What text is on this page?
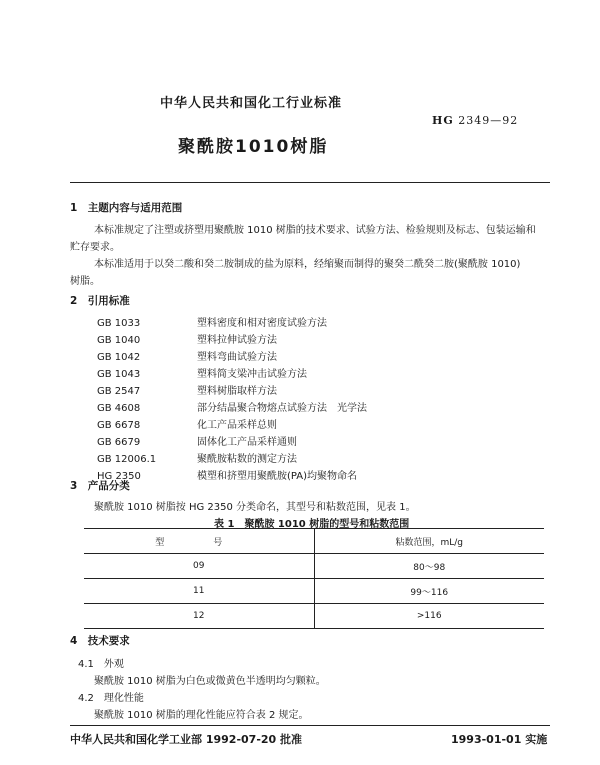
中华人民共和国化工行业标准
HG 2349—92
聚酰胺1010树脂
1　主题内容与适用范围
本标准规定了注塑或挤塑用聚酰胺 1010 树脂的技术要求、试验方法、检验规则及标志、包装运输和
贮存要求。
本标准适用于以癸二酸和癸二胺制成的盐为原料，经缩聚而制得的聚癸二酰癸二胺(聚酰胺 1010)
树脂。
2　引用标准
GB 1033	塑料密度和相对密度试验方法
GB 1040	塑料拉伸试验方法
GB 1042	塑料弯曲试验方法
GB 1043	塑料简支梁冲击试验方法
GB 2547	塑料树脂取样方法
GB 4608	部分结晶聚合物熔点试验方法　光学法
GB 6678	化工产品采样总则
GB 6679	固体化工产品采样通则
GB 12006.1	聚酰胺粘数的测定方法
HG 2350	模塑和挤塑用聚酰胺(PA)均聚物命名
3　产品分类
聚酰胺 1010 树脂按 HG 2350 分类命名，其型号和粘数范围，见表 1。
表 1　聚酰胺 1010 树脂的型号和粘数范围
型　号	粘数范围，mL/g
09	80～98
11	99～116
12	>116
4　技术要求
4.1　外观
聚酰胺 1010 树脂为白色或微黄色半透明均匀颗粒。
4.2　理化性能
聚酰胺 1010 树脂的理化性能应符合表 2 规定。
中华人民共和国化学工业部 1992-07-20 批准	1993-01-01 实施
